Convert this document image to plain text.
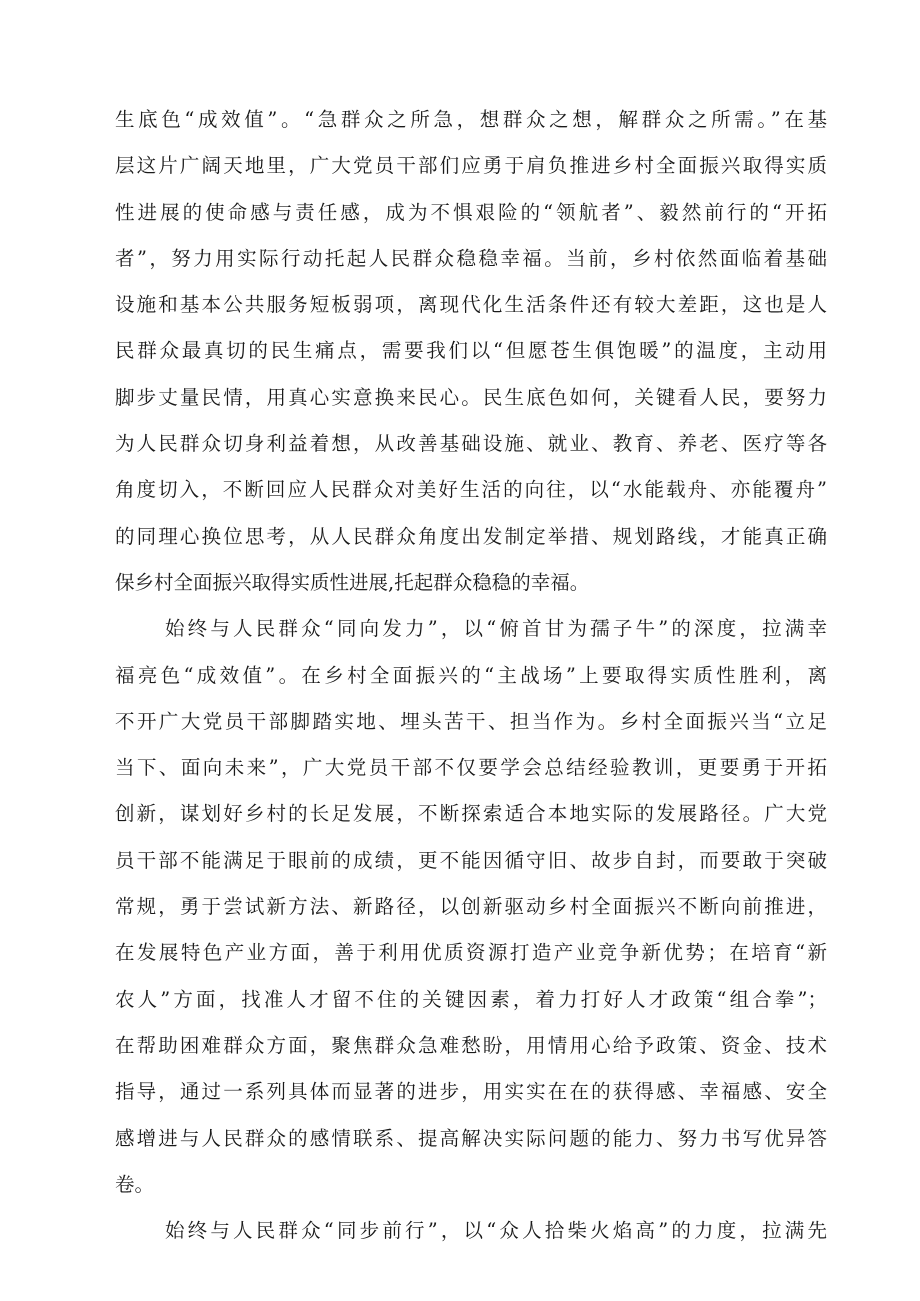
生底色“成效值”。“急群众之所急，想群众之想，解群众之所需。”在基
层这片广阔天地里，广大党员干部们应勇于肩负推进乡村全面振兴取得实质
性进展的使命感与责任感，成为不惧艰险的“领航者”、毅然前行的“开拓
者”，努力用实际行动托起人民群众稳稳幸福。当前，乡村依然面临着基础
设施和基本公共服务短板弱项，离现代化生活条件还有较大差距，这也是人
民群众最真切的民生痛点，需要我们以“但愿苍生俱饱暖”的温度，主动用
脚步丈量民情，用真心实意换来民心。民生底色如何，关键看人民，要努力
为人民群众切身利益着想，从改善基础设施、就业、教育、养老、医疗等各
角度切入，不断回应人民群众对美好生活的向往，以“水能载舟、亦能覆舟”
的同理心换位思考，从人民群众角度出发制定举措、规划路线，才能真正确
保乡村全面振兴取得实质性进展,托起群众稳稳的幸福。
始终与人民群众“同向发力”，以“俯首甘为孺子牛”的深度，拉满幸
福亮色“成效值”。在乡村全面振兴的“主战场”上要取得实质性胜利，离
不开广大党员干部脚踏实地、埋头苦干、担当作为。乡村全面振兴当“立足
当下、面向未来”，广大党员干部不仅要学会总结经验教训，更要勇于开拓
创新，谋划好乡村的长足发展，不断探索适合本地实际的发展路径。广大党
员干部不能满足于眼前的成绩，更不能因循守旧、故步自封，而要敢于突破
常规，勇于尝试新方法、新路径，以创新驱动乡村全面振兴不断向前推进，
在发展特色产业方面，善于利用优质资源打造产业竞争新优势；在培育“新
农人”方面，找准人才留不住的关键因素，着力打好人才政策“组合拳”；
在帮助困难群众方面，聚焦群众急难愁盼，用情用心给予政策、资金、技术
指导，通过一系列具体而显著的进步，用实实在在的获得感、幸福感、安全
感增进与人民群众的感情联系、提高解决实际问题的能力、努力书写优异答
卷。
始终与人民群众“同步前行”，以“众人拾柴火焰高”的力度，拉满先
